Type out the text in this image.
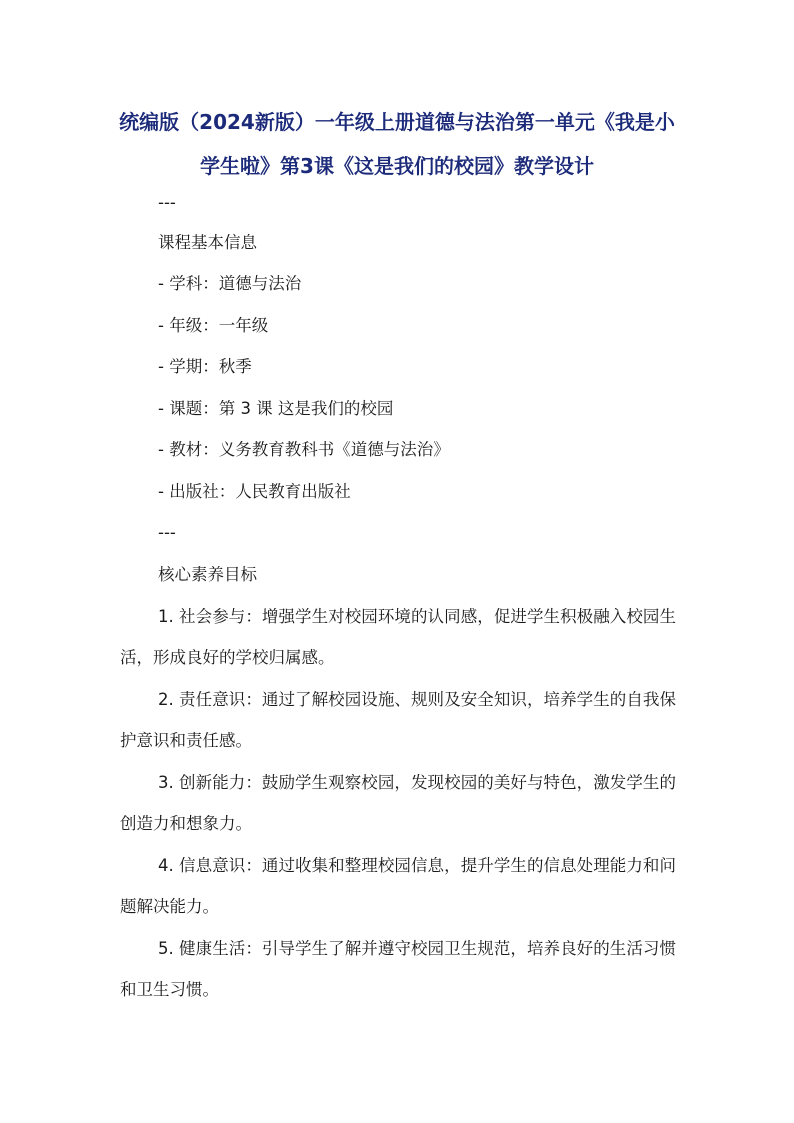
统编版（2024新版）一年级上册道德与法治第一单元《我是小学生啦》第3课《这是我们的校园》教学设计

---

课程基本信息

- 学科：道德与法治

- 年级：一年级

- 学期：秋季

- 课题：第 3 课 这是我们的校园

- 教材：义务教育教科书《道德与法治》

- 出版社：人民教育出版社

---

核心素养目标

1. 社会参与：增强学生对校园环境的认同感，促进学生积极融入校园生活，形成良好的学校归属感。

2. 责任意识：通过了解校园设施、规则及安全知识，培养学生的自我保护意识和责任感。

3. 创新能力：鼓励学生观察校园，发现校园的美好与特色，激发学生的创造力和想象力。

4. 信息意识：通过收集和整理校园信息，提升学生的信息处理能力和问题解决能力。

5. 健康生活：引导学生了解并遵守校园卫生规范，培养良好的生活习惯和卫生习惯。
